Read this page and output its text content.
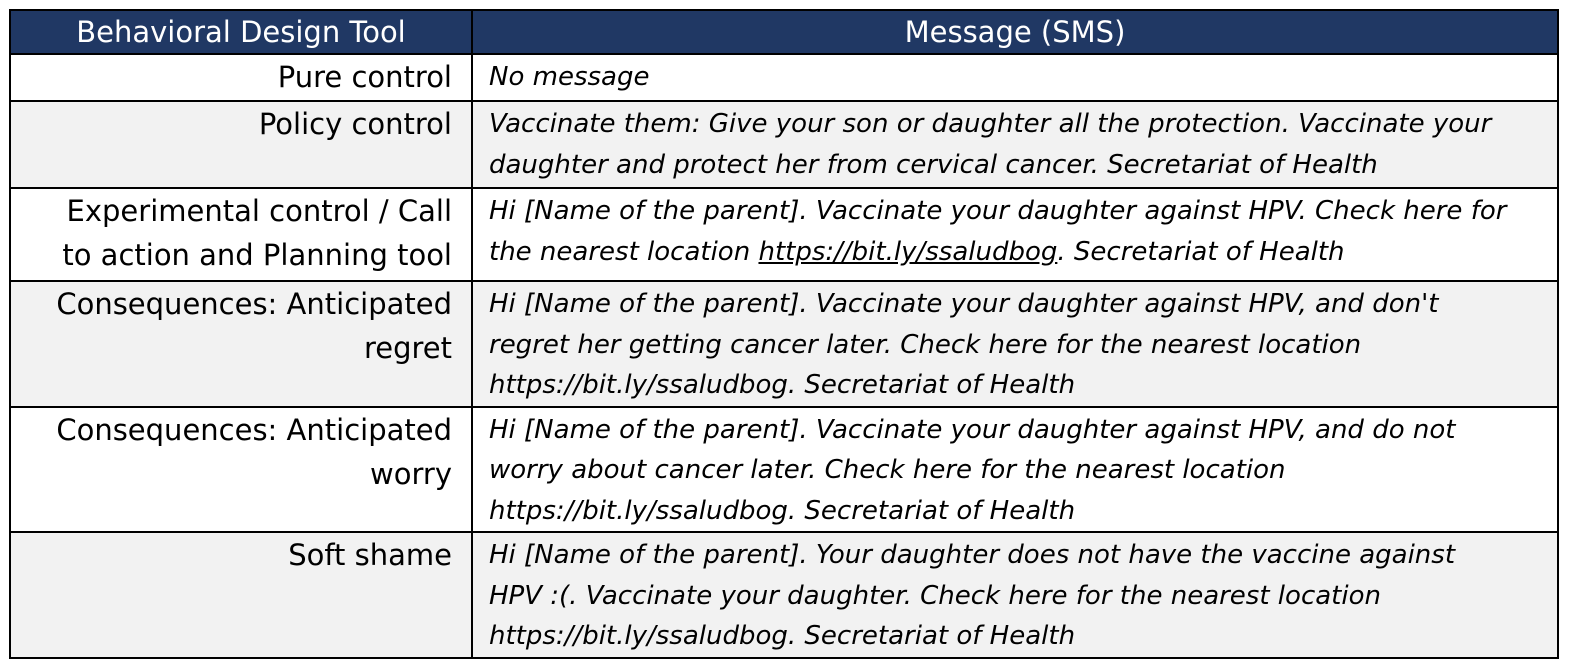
Behavioral Design Tool	Message (SMS)
Pure control	No message
Policy control	Vaccinate them: Give your son or daughter all the protection. Vaccinate your
daughter and protect her from cervical cancer. Secretariat of Health
Experimental control / Call
to action and Planning tool	Hi [Name of the parent]. Vaccinate your daughter against HPV. Check here for
the nearest location https://bit.ly/ssaludbog. Secretariat of Health
Consequences: Anticipated
regret	Hi [Name of the parent]. Vaccinate your daughter against HPV, and don't
regret her getting cancer later. Check here for the nearest location
https://bit.ly/ssaludbog. Secretariat of Health
Consequences: Anticipated
worry	Hi [Name of the parent]. Vaccinate your daughter against HPV, and do not
worry about cancer later. Check here for the nearest location
https://bit.ly/ssaludbog. Secretariat of Health
Soft shame	Hi [Name of the parent]. Your daughter does not have the vaccine against
HPV :(. Vaccinate your daughter. Check here for the nearest location
https://bit.ly/ssaludbog. Secretariat of Health
